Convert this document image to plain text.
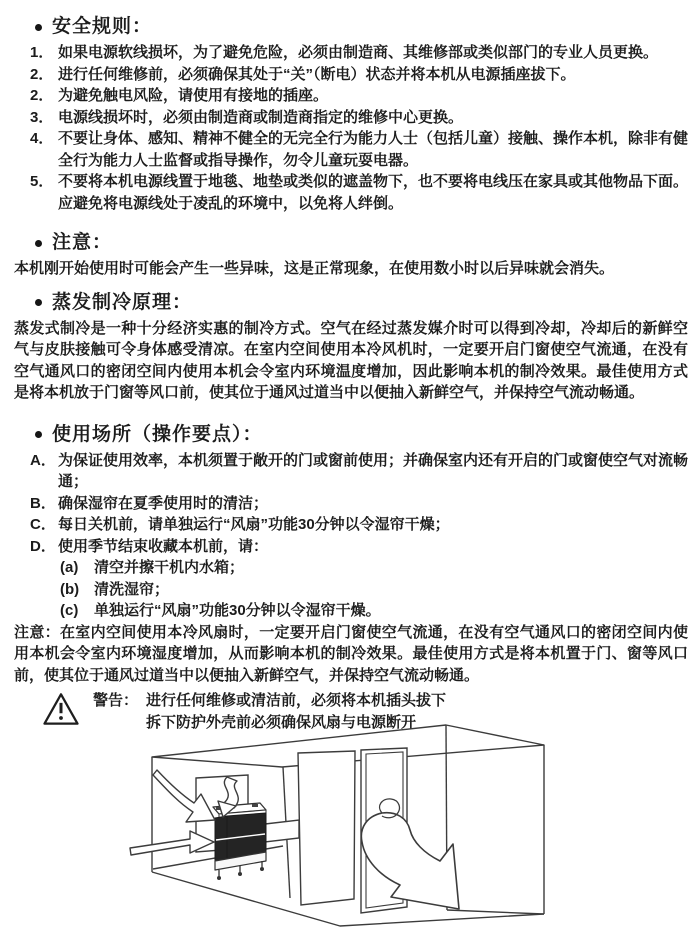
安全规则：
1． 如果电源软线损坏，为了避免危险，必须由制造商、其维修部或类似部门的专业人员更换。
2． 进行任何维修前，必须确保其处于“关”（断电）状态并将本机从电源插座拔下。
2． 为避免触电风险，请使用有接地的插座。
3． 电源线损坏时，必须由制造商或制造商指定的维修中心更换。
4． 不要让身体、感知、精神不健全的无完全行为能力人士（包括儿童）接触、操作本机，除非有健全行为能力人士监督或指导操作，勿令儿童玩耍电器。
5． 不要将本机电源线置于地毯、地垫或类似的遮盖物下，也不要将电线压在家具或其他物品下面。应避免将电源线处于凌乱的环境中，以免将人绊倒。
注意：
本机刚开始使用时可能会产生一些异味，这是正常现象，在使用数小时以后异味就会消失。
蒸发制冷原理：
蒸发式制冷是一种十分经济实惠的制冷方式。空气在经过蒸发媒介时可以得到冷却，冷却后的新鲜空气与皮肤接触可令身体感受清凉。在室内空间使用本冷风机时，一定要开启门窗使空气流通，在没有空气通风口的密闭空间内使用本机会令室内环境温度增加，因此影响本机的制冷效果。最佳使用方式是将本机放于门窗等风口前，使其位于通风过道当中以便抽入新鲜空气，并保持空气流动畅通。
使用场所（操作要点）：
A． 为保证使用效率，本机须置于敞开的门或窗前使用；并确保室内还有开启的门或窗使空气对流畅通；
B． 确保湿帘在夏季使用时的清洁；
C． 每日关机前，请单独运行“风扇”功能30分钟以令湿帘干燥；
D． 使用季节结束收藏本机前，请：
(a)	清空并擦干机内水箱；
(b) 清洗湿帘；
(c)	单独运行“风扇”功能30分钟以令湿帘干燥。
注意：在室内空间使用本冷风扇时，一定要开启门窗使空气流通，在没有空气通风口的密闭空间内使用本机会令室内环境湿度增加，从而影响本机的制冷效果。最佳使用方式是将本机置于门、窗等风口前，使其位于通风过道当中以便抽入新鲜空气，并保持空气流动畅通。
警告： 进行任何维修或清洁前，必须将本机插头拔下
拆下防护外壳前必须确保风扇与电源断开
